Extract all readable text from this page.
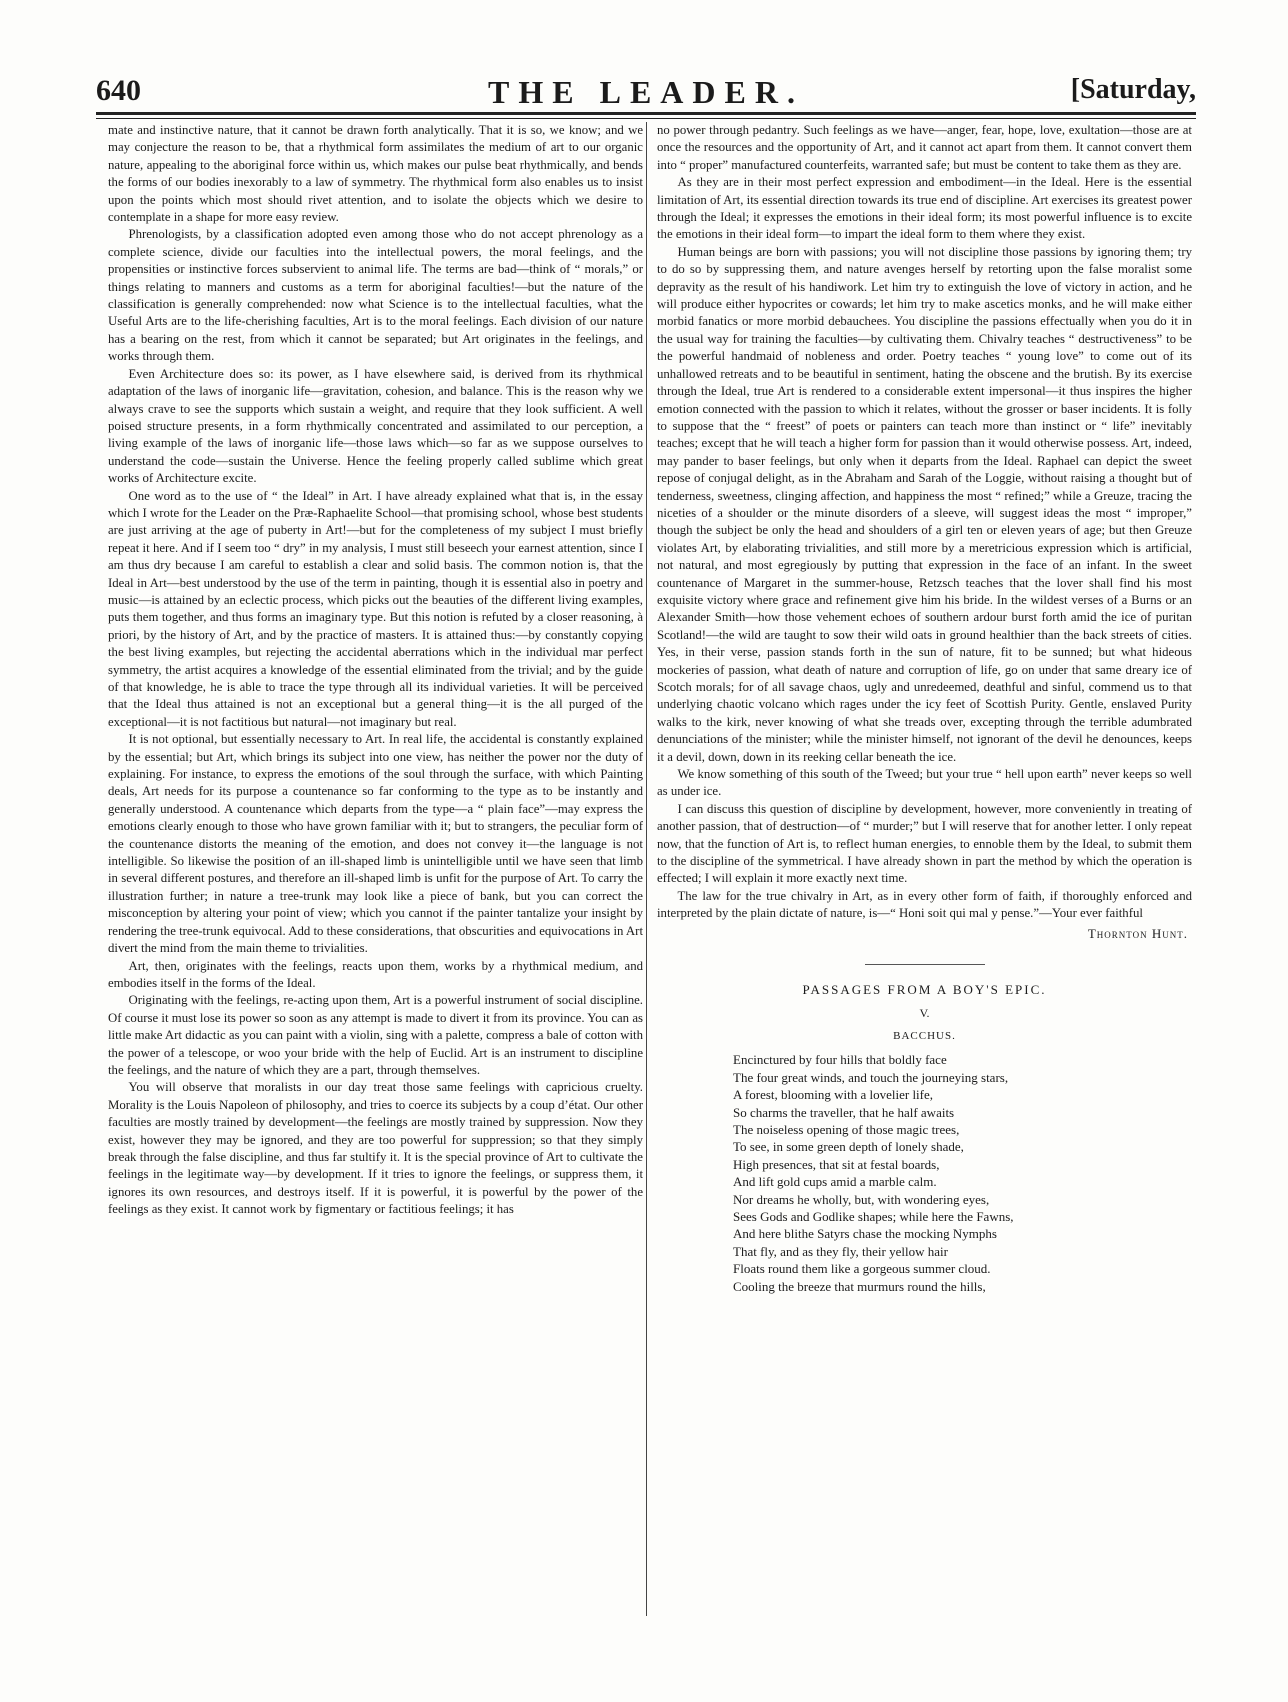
640	THE LEADER.	[Saturday,

mate and instinctive nature, that it cannot be drawn forth analytically. That it is so, we know; and we may conjecture the reason to be, that a rhythmical form assimilates the medium of art to our organic nature, appealing to the aboriginal force within us, which makes our pulse beat rhythmically, and bends the forms of our bodies inexorably to a law of symmetry. The rhythmical form also enables us to insist upon the points which most should rivet attention, and to isolate the objects which we desire to contemplate in a shape for more easy review.

Phrenologists, by a classification adopted even among those who do not accept phrenology as a complete science, divide our faculties into the intellectual powers, the moral feelings, and the propensities or instinctive forces subservient to animal life. The terms are bad—think of “ morals,” or things relating to manners and customs as a term for aboriginal faculties!—but the nature of the classification is generally comprehended: now what Science is to the intellectual faculties, what the Useful Arts are to the life-cherishing faculties, Art is to the moral feelings. Each division of our nature has a bearing on the rest, from which it cannot be separated; but Art originates in the feelings, and works through them.

Even Architecture does so: its power, as I have elsewhere said, is derived from its rhythmical adaptation of the laws of inorganic life—gravitation, cohesion, and balance. This is the reason why we always crave to see the supports which sustain a weight, and require that they look sufficient. A well poised structure presents, in a form rhythmically concentrated and assimilated to our perception, a living example of the laws of inorganic life—those laws which—so far as we suppose ourselves to understand the code—sustain the Universe. Hence the feeling properly called sublime which great works of Architecture excite.

One word as to the use of “ the Ideal” in Art. I have already explained what that is, in the essay which I wrote for the Leader on the Præ-Raphaelite School—that promising school, whose best students are just arriving at the age of puberty in Art!—but for the completeness of my subject I must briefly repeat it here. And if I seem too “ dry” in my analysis, I must still beseech your earnest attention, since I am thus dry because I am careful to establish a clear and solid basis. The common notion is, that the Ideal in Art—best understood by the use of the term in painting, though it is essential also in poetry and music—is attained by an eclectic process, which picks out the beauties of the different living examples, puts them together, and thus forms an imaginary type. But this notion is refuted by a closer reasoning, à priori, by the history of Art, and by the practice of masters. It is attained thus:—by constantly copying the best living examples, but rejecting the accidental aberrations which in the individual mar perfect symmetry, the artist acquires a knowledge of the essential eliminated from the trivial; and by the guide of that knowledge, he is able to trace the type through all its individual varieties. It will be perceived that the Ideal thus attained is not an exceptional but a general thing—it is the all purged of the exceptional—it is not factitious but natural—not imaginary but real.

It is not optional, but essentially necessary to Art. In real life, the accidental is constantly explained by the essential; but Art, which brings its subject into one view, has neither the power nor the duty of explaining. For instance, to express the emotions of the soul through the surface, with which Painting deals, Art needs for its purpose a countenance so far conforming to the type as to be instantly and generally understood. A countenance which departs from the type—a “ plain face”—may express the emotions clearly enough to those who have grown familiar with it; but to strangers, the peculiar form of the countenance distorts the meaning of the emotion, and does not convey it—the language is not intelligible. So likewise the position of an ill-shaped limb is unintelligible until we have seen that limb in several different postures, and therefore an ill-shaped limb is unfit for the purpose of Art. To carry the illustration further; in nature a tree-trunk may look like a piece of bank, but you can correct the misconception by altering your point of view; which you cannot if the painter tantalize your insight by rendering the tree-trunk equivocal. Add to these considerations, that obscurities and equivocations in Art divert the mind from the main theme to trivialities.

Art, then, originates with the feelings, reacts upon them, works by a rhythmical medium, and embodies itself in the forms of the Ideal.

Originating with the feelings, re-acting upon them, Art is a powerful instrument of social discipline. Of course it must lose its power so soon as any attempt is made to divert it from its province. You can as little make Art didactic as you can paint with a violin, sing with a palette, compress a bale of cotton with the power of a telescope, or woo your bride with the help of Euclid. Art is an instrument to discipline the feelings, and the nature of which they are a part, through themselves.

You will observe that moralists in our day treat those same feelings with capricious cruelty. Morality is the Louis Napoleon of philosophy, and tries to coerce its subjects by a coup d’état. Our other faculties are mostly trained by development—the feelings are mostly trained by suppression. Now they exist, however they may be ignored, and they are too powerful for suppression; so that they simply break through the false discipline, and thus far stultify it. It is the special province of Art to cultivate the feelings in the legitimate way—by development. If it tries to ignore the feelings, or suppress them, it ignores its own resources, and destroys itself. If it is powerful, it is powerful by the power of the feelings as they exist. It cannot work by figmentary or factitious feelings; it has

no power through pedantry. Such feelings as we have—anger, fear, hope, love, exultation—those are at once the resources and the opportunity of Art, and it cannot act apart from them. It cannot convert them into “ proper” manufactured counterfeits, warranted safe; but must be content to take them as they are.

As they are in their most perfect expression and embodiment—in the Ideal. Here is the essential limitation of Art, its essential direction towards its true end of discipline. Art exercises its greatest power through the Ideal; it expresses the emotions in their ideal form; its most powerful influence is to excite the emotions in their ideal form—to impart the ideal form to them where they exist.

Human beings are born with passions; you will not discipline those passions by ignoring them; try to do so by suppressing them, and nature avenges herself by retorting upon the false moralist some depravity as the result of his handiwork. Let him try to extinguish the love of victory in action, and he will produce either hypocrites or cowards; let him try to make ascetics monks, and he will make either morbid fanatics or more morbid debauchees. You discipline the passions effectually when you do it in the usual way for training the faculties—by cultivating them. Chivalry teaches “ destructiveness” to be the powerful handmaid of nobleness and order. Poetry teaches “ young love” to come out of its unhallowed retreats and to be beautiful in sentiment, hating the obscene and the brutish. By its exercise through the Ideal, true Art is rendered to a considerable extent impersonal—it thus inspires the higher emotion connected with the passion to which it relates, without the grosser or baser incidents. It is folly to suppose that the “ freest” of poets or painters can teach more than instinct or “ life” inevitably teaches; except that he will teach a higher form for passion than it would otherwise possess. Art, indeed, may pander to baser feelings, but only when it departs from the Ideal. Raphael can depict the sweet repose of conjugal delight, as in the Abraham and Sarah of the Loggie, without raising a thought but of tenderness, sweetness, clinging affection, and happiness the most “ refined;” while a Greuze, tracing the niceties of a shoulder or the minute disorders of a sleeve, will suggest ideas the most “ improper,” though the subject be only the head and shoulders of a girl ten or eleven years of age; but then Greuze violates Art, by elaborating trivialities, and still more by a meretricious expression which is artificial, not natural, and most egregiously by putting that expression in the face of an infant. In the sweet countenance of Margaret in the summer-house, Retzsch teaches that the lover shall find his most exquisite victory where grace and refinement give him his bride. In the wildest verses of a Burns or an Alexander Smith—how those vehement echoes of southern ardour burst forth amid the ice of puritan Scotland!—the wild are taught to sow their wild oats in ground healthier than the back streets of cities. Yes, in their verse, passion stands forth in the sun of nature, fit to be sunned; but what hideous mockeries of passion, what death of nature and corruption of life, go on under that same dreary ice of Scotch morals; for of all savage chaos, ugly and unredeemed, deathful and sinful, commend us to that underlying chaotic volcano which rages under the icy feet of Scottish Purity. Gentle, enslaved Purity walks to the kirk, never knowing of what she treads over, excepting through the terrible adumbrated denunciations of the minister; while the minister himself, not ignorant of the devil he denounces, keeps it a devil, down, down in its reeking cellar beneath the ice.

We know something of this south of the Tweed; but your true “ hell upon earth” never keeps so well as under ice.

I can discuss this question of discipline by development, however, more conveniently in treating of another passion, that of destruction—of “ murder;” but I will reserve that for another letter. I only repeat now, that the function of Art is, to reflect human energies, to ennoble them by the Ideal, to submit them to the discipline of the symmetrical. I have already shown in part the method by which the operation is effected; I will explain it more exactly next time.

The law for the true chivalry in Art, as in every other form of faith, if thoroughly enforced and interpreted by the plain dictate of nature, is—“ Honi soit qui mal y pense.”—Your ever faithful

Thornton Hunt.
PASSAGES FROM A BOY'S EPIC.
V.
BACCHUS.
Encinctured by four hills that boldly face
The four great winds, and touch the journeying stars,
A forest, blooming with a lovelier life,
So charms the traveller, that he half awaits
The noiseless opening of those magic trees,
To see, in some green depth of lonely shade,
High presences, that sit at festal boards,
And lift gold cups amid a marble calm.
Nor dreams he wholly, but, with wondering eyes,
Sees Gods and Godlike shapes; while here the Fawns,
And here blithe Satyrs chase the mocking Nymphs
That fly, and as they fly, their yellow hair
Floats round them like a gorgeous summer cloud.
Cooling the breeze that murmurs round the hills,
